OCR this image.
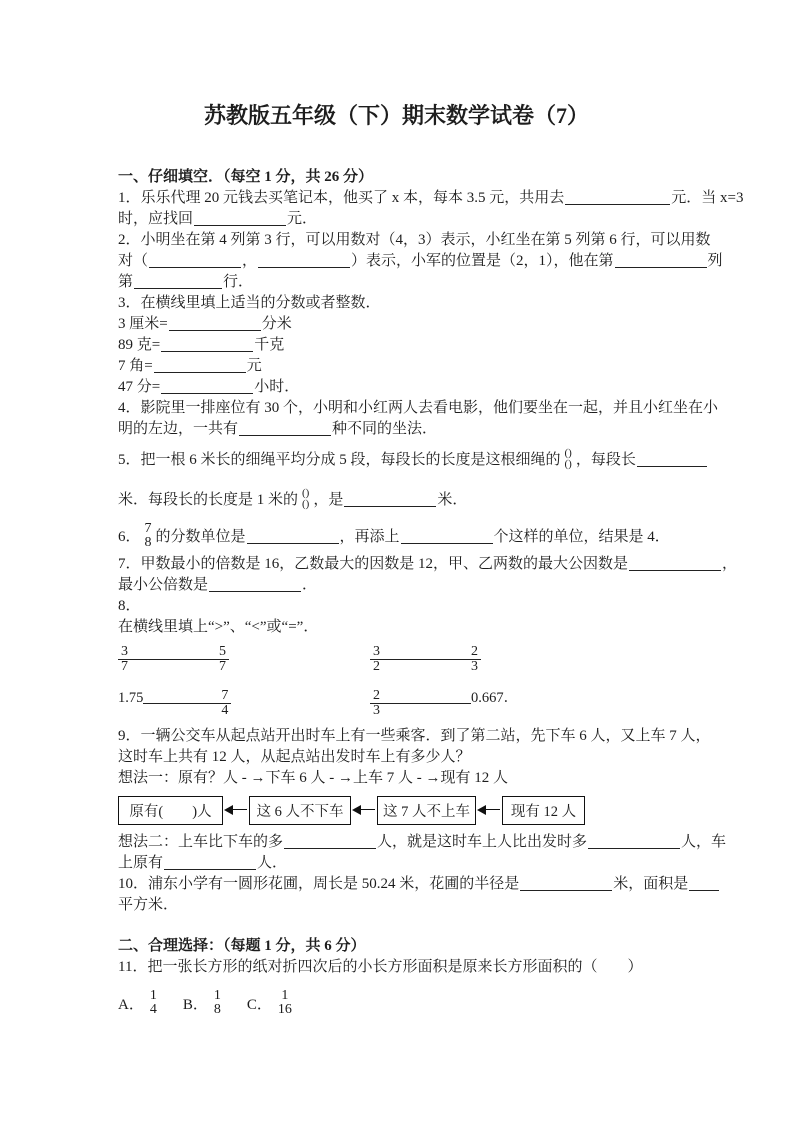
苏教版五年级（下）期末数学试卷（7）
一、仔细填空．（每空 1 分，共 26 分）
1．乐乐代理 20 元钱去买笔记本，他买了 x 本，每本 3.5 元，共用去	元．当 x=3
时，应找回	元．
2．小明坐在第 4 列第 3 行，可以用数对（4，3）表示，小红坐在第 5 列第 6 行，可以用数
对（	，	）表示，小军的位置是（2，1），他在第	列
第	行．
3．在横线里填上适当的分数或者整数．
3 厘米=	分米
89 克=	千克
7 角=	元
47 分=	小时．
4．影院里一排座位有 30 个，小明和小红两人去看电影，他们要坐在一起，并且小红坐在小
明的左边，一共有	种不同的坐法．
5．把一根 6 米长的细绳平均分成 5 段，每段长的长度是这根细绳的 ()
() ，每段长
米．每段长的长度是 1 米的 ()
() ，是	米．
6．
7
8 的分数单位是	，再添上	个这样的单位，结果是 4．
7．甲数最小的倍数是 16，乙数最大的因数是 12，甲、乙两数的最大公因数是	，
最小公倍数是	．
8．
在横线里填上“>”、“<”或“=”．
$\frac{3}{7}$	$\frac{5}{7}$	$\frac{3}{2}$	$\frac{2}{3}$
1.75	$\frac{7}{4}$	$\frac{2}{3}$	0.667．
9．一辆公交车从起点站开出时车上有一些乘客．到了第二站，先下车 6 人，又上车 7 人，
这时车上共有 12 人，从起点站出发时车上有多少人？
想法一：原有？人 - →下车 6 人 - →上车 7 人 - →现有 12 人
原有(　　)人	这 6 人不下车	这 7 人不上车	现有 12 人
想法二：上车比下车的多	人，就是这时车上人比出发时多	人，车
上原有	人．
10．浦东小学有一圆形花圃，周长是 50.24 米，花圃的半径是	米，面积是
平方米．
二、合理选择：（每题 1 分，共 6 分）
11．把一张长方形的纸对折四次后的小长方形面积是原来长方形面积的（　　）
A．
1
4 B．
1
8 C．
1
16
